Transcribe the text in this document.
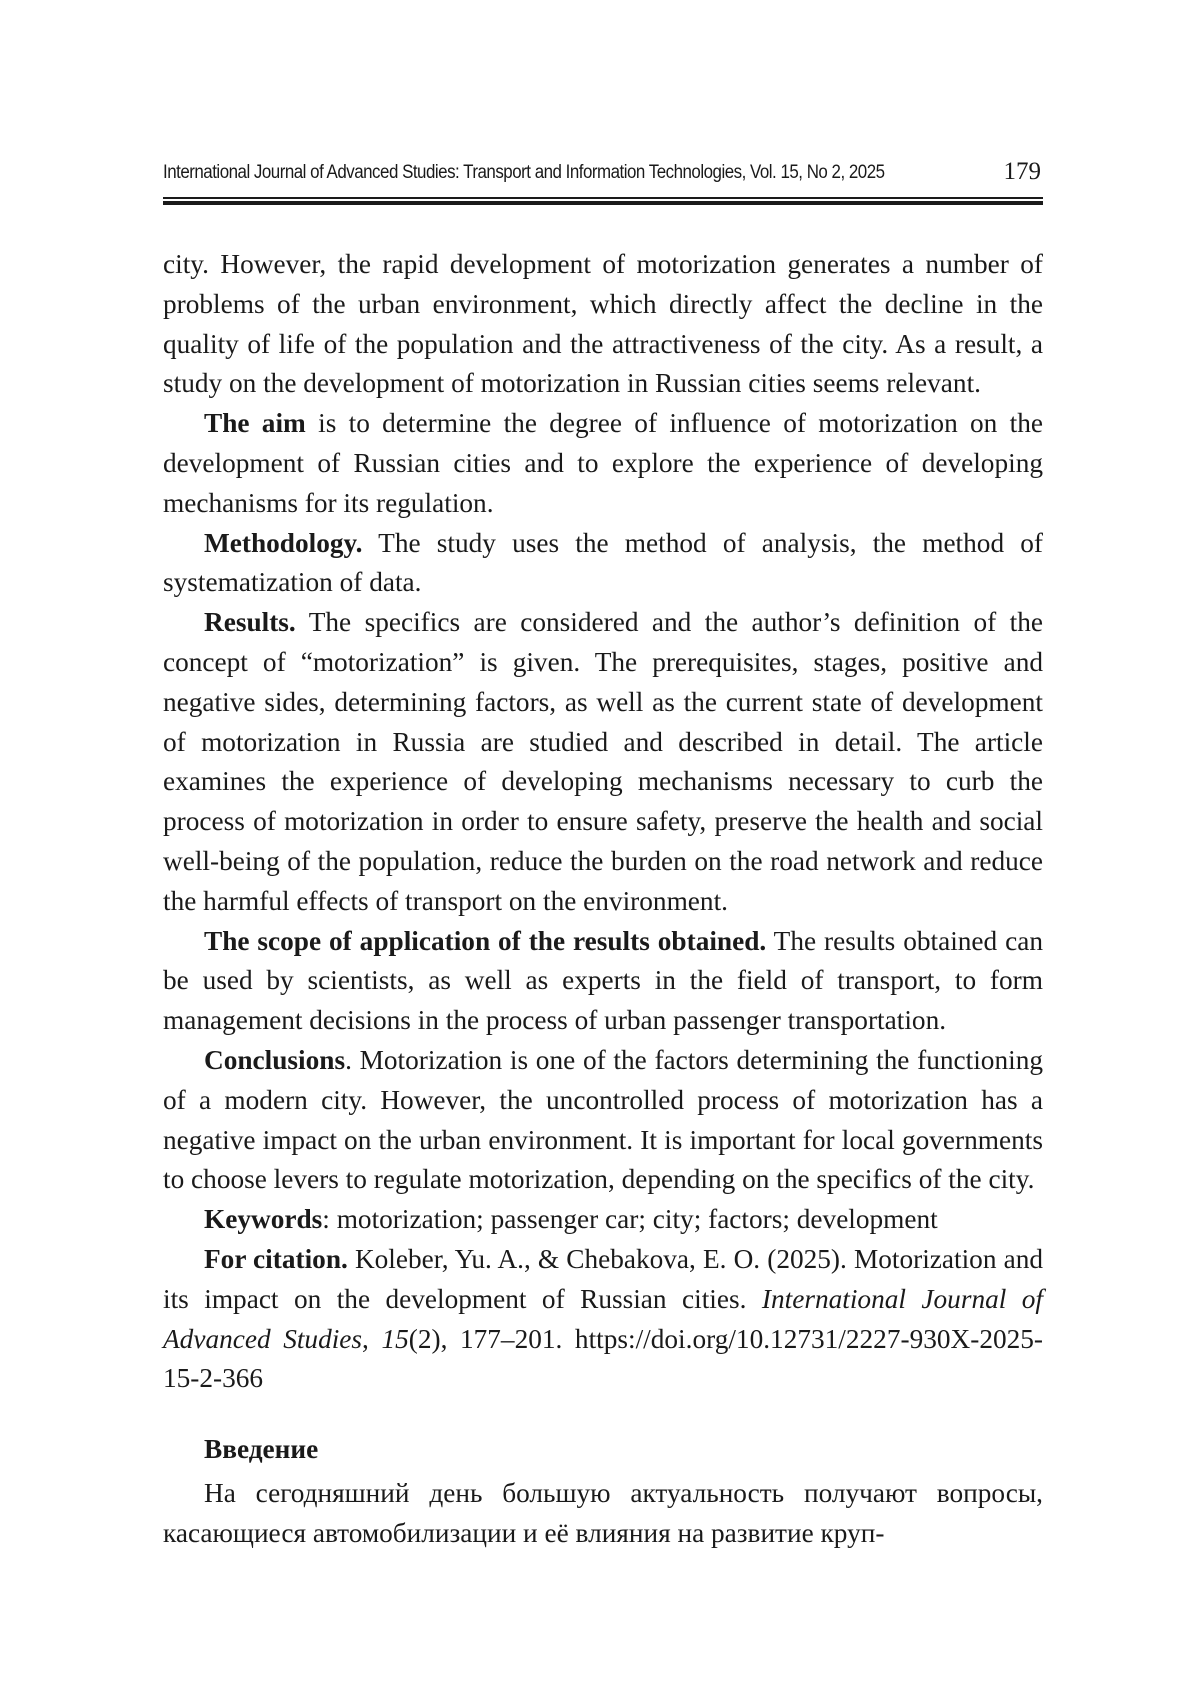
International Journal of Advanced Studies: Transport and Information Technologies, Vol. 15, No 2, 2025	179

city. However, the rapid development of motorization generates a number of problems of the urban environment, which directly affect the decline in the quality of life of the population and the attractiveness of the city. As a result, a study on the development of motorization in Russian cities seems relevant.

The aim is to determine the degree of influence of motorization on the development of Russian cities and to explore the experience of developing mechanisms for its regulation.

Methodology. The study uses the method of analysis, the method of systematization of data.

Results. The specifics are considered and the author’s definition of the concept of “motorization” is given. The prerequisites, stages, positive and negative sides, determining factors, as well as the current state of development of motorization in Russia are studied and described in detail. The article examines the experience of developing mechanisms necessary to curb the process of motorization in order to ensure safety, preserve the health and social well-being of the population, reduce the burden on the road network and reduce the harmful effects of transport on the environment.

The scope of application of the results obtained. The results obtained can be used by scientists, as well as experts in the field of transport, to form management decisions in the process of urban passenger transportation.

Conclusions. Motorization is one of the factors determining the functioning of a modern city. However, the uncontrolled process of motorization has a negative impact on the urban environment. It is important for local governments to choose levers to regulate motorization, depending on the specifics of the city.

Keywords: motorization; passenger car; city; factors; development

For citation. Koleber, Yu. A., & Chebakova, E. O. (2025). Motorization and its impact on the development of Russian cities. International Journal of Advanced Studies, 15(2), 177–201. https://doi.org/10.12731/2227-930X-2025-15-2-366

Введение

На сегодняшний день большую актуальность получают вопросы, касающиеся автомобилизации и её влияния на развитие круп-
